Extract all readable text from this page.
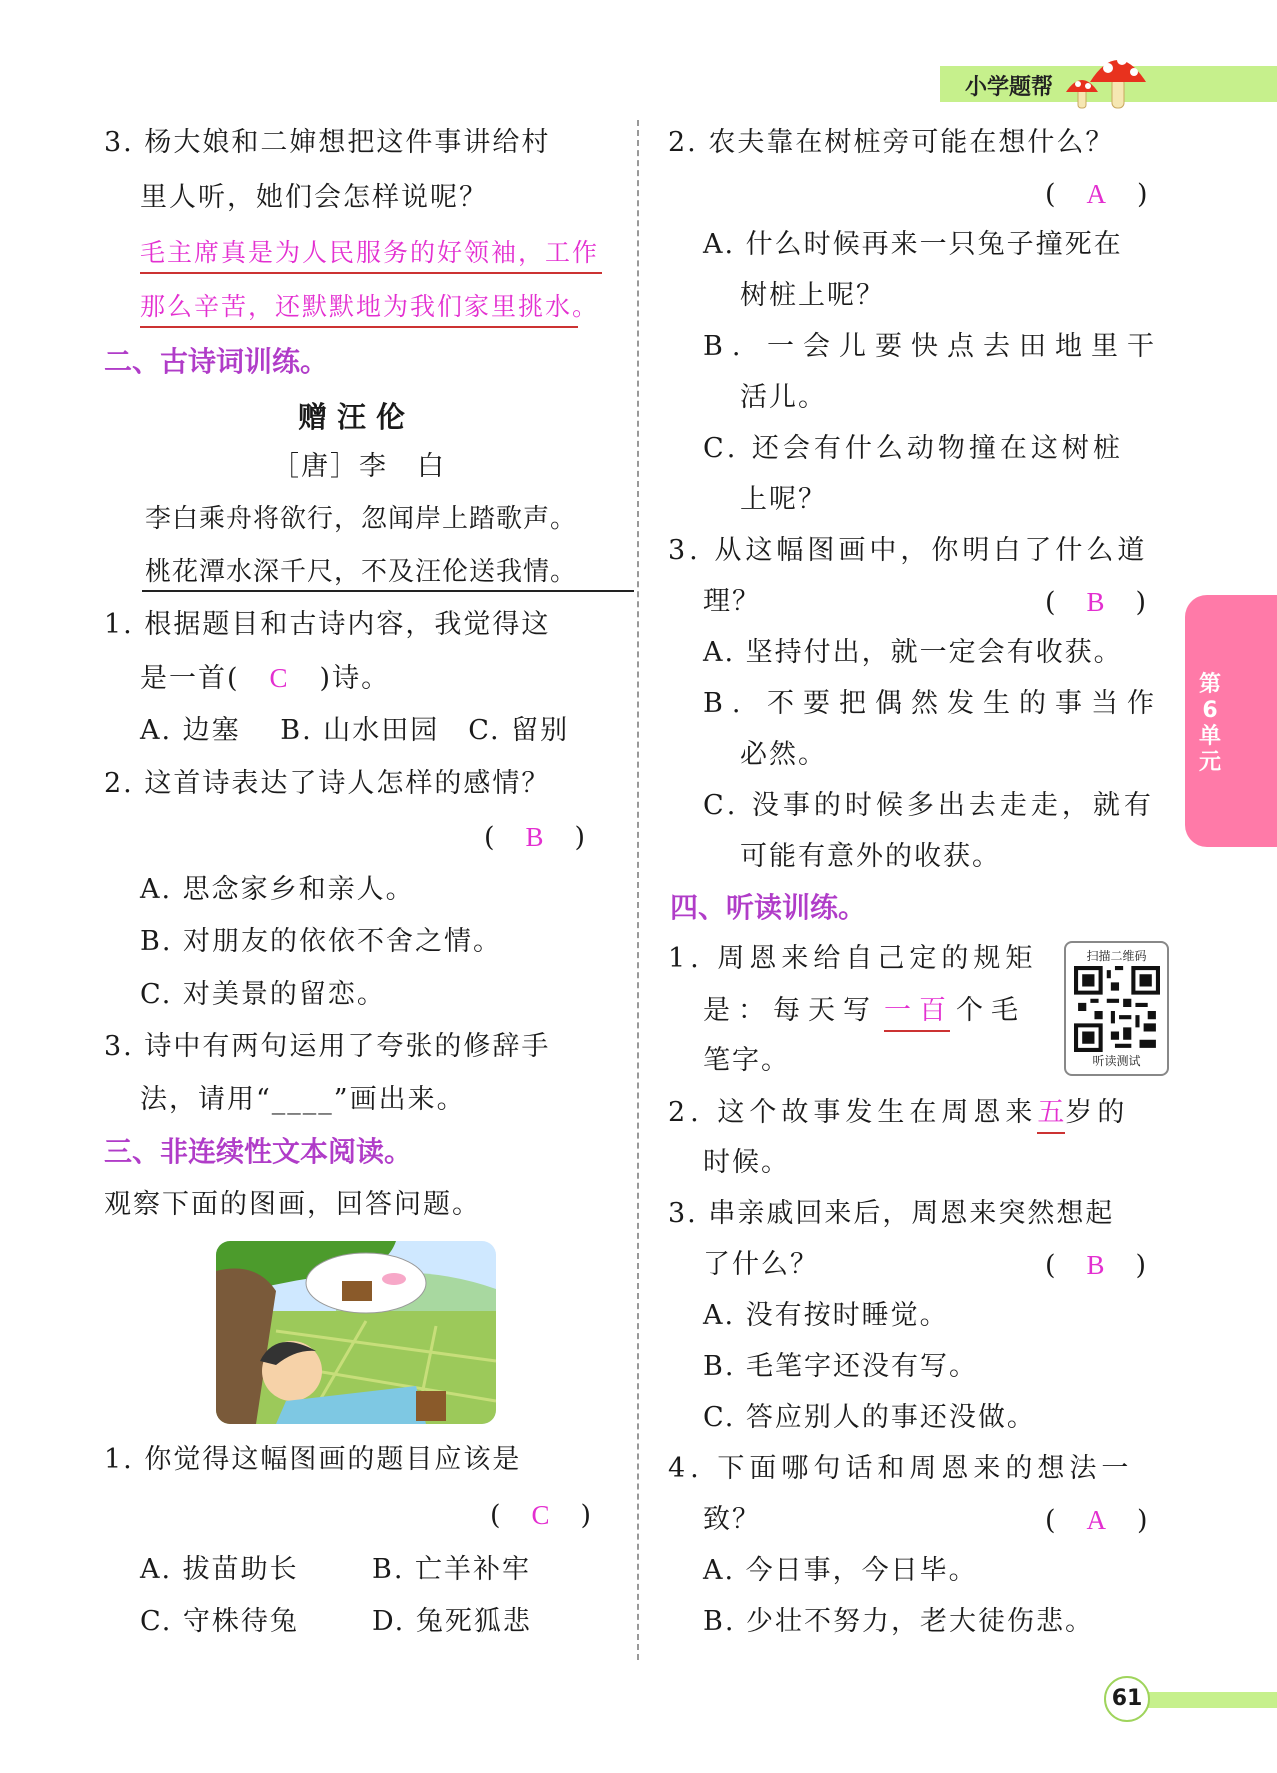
小学题帮
第
6
单
元
3. 杨大娘和二婶想把这件事讲给村
里人听，她们会怎样说呢？
毛主席真是为人民服务的好领袖，工作
那么辛苦，还默默地为我们家里挑水。
二、古诗词训练。
赠汪伦
［唐］李　白
李白乘舟将欲行，忽闻岸上踏歌声。
桃花潭水深千尺，不及汪伦送我情。
1. 根据题目和古诗内容，我觉得这
是一首( C )诗。
A. 边塞　 B. 山水田园　C. 留别
2. 这首诗表达了诗人怎样的感情？
(　B　)
A. 思念家乡和亲人。
B. 对朋友的依依不舍之情。
C. 对美景的留恋。
3. 诗中有两句运用了夸张的修辞手
法，请用“____”画出来。
三、非连续性文本阅读。
观察下面的图画，回答问题。
1. 你觉得这幅图画的题目应该是
(　C　)
A. 拔苗助长	B. 亡羊补牢
C. 守株待兔	D. 兔死狐悲
2. 农夫靠在树桩旁可能在想什么？
(　A　)
A. 什么时候再来一只兔子撞死在
树桩上呢？
B. 一会儿要快点去田地里干
活儿。
C. 还会有什么动物撞在这树桩
上呢？
3. 从这幅图画中，你明白了什么道
理？	(　B　)
A. 坚持付出，就一定会有收获。
B. 不要把偶然发生的事当作
必然。
C. 没事的时候多出去走走，就有
可能有意外的收获。
四、听读训练。
扫描二维码
听读测试
1. 周恩来给自己定的规矩
是：每天写 一百个毛
笔字。
2. 这个故事发生在周恩来五岁的
时候。
3. 串亲戚回来后，周恩来突然想起
了什么？	(　B　)
A. 没有按时睡觉。
B. 毛笔字还没有写。
C. 答应别人的事还没做。
4. 下面哪句话和周恩来的想法一
致？	(　A　)
A. 今日事，今日毕。
B. 少壮不努力，老大徒伤悲。
61
